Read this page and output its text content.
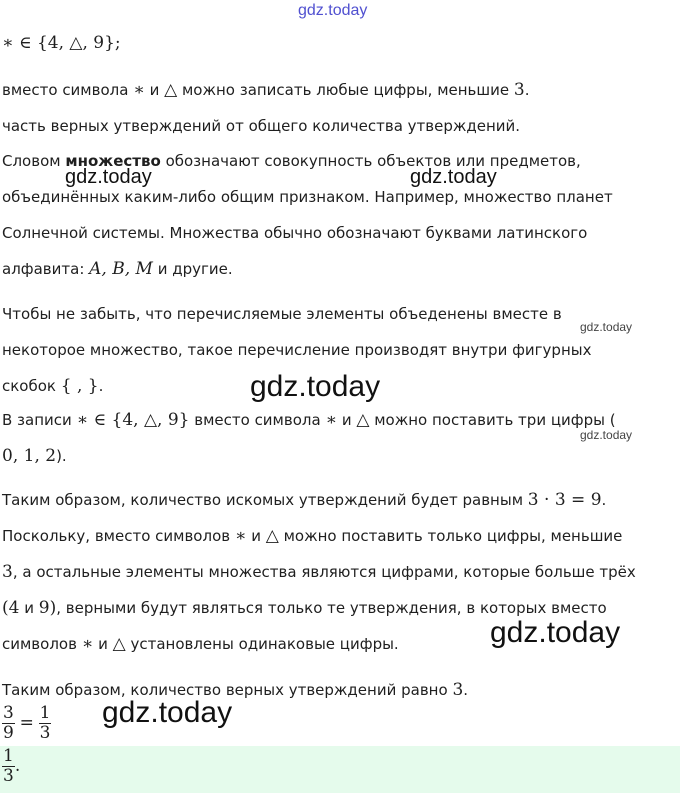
gdz.today
gdz.today	gdz.today
gdz.today
gdz.today
gdz.today
gdz.today
gdz.today
∗ ∈ {4, △, 9};
вместо символа ∗ и △ можно записать любые цифры, меньшие 3.
часть верных утверждений от общего количества утверждений.
Словом множество обозначают совокупность объектов или предметов,
объединённых каким-либо общим признаком. Например, множество планет
Солнечной системы. Множества обычно обозначают буквами латинского
алфавита: A, B, M и другие.
Чтобы не забыть, что перечисляемые элементы объеденены вместе в
некоторое множество, такое перечисление производят внутри фигурных
скобок { , }.
В записи ∗ ∈ {4, △, 9} вместо символа ∗ и △ можно поставить три цифры (
0, 1, 2).
Таким образом, количество искомых утверждений будет равным 3 · 3 = 9.
Поскольку, вместо символов ∗ и △ можно поставить только цифры, меньшие
3, а остальные элементы множества являются цифрами, которые больше трёх
(4 и 9), верными будут являться только те утверждения, в которых вместо
символов ∗ и △ установлены одинаковые цифры.
Таким образом, количество верных утверждений равно 3.
$\frac{3}{9} = \frac{1}{3}$
$\frac{1}{3}$ .
